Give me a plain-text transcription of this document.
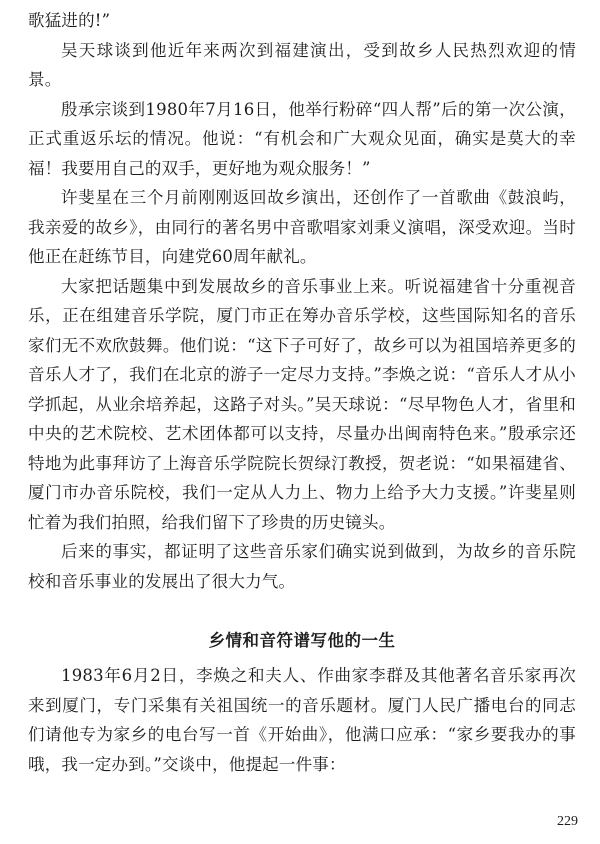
歌猛进的!”

吴天球谈到他近年来两次到福建演出，受到故乡人民热烈欢迎的情景。

殷承宗谈到1980年7月16日，他举行粉碎“四人帮”后的第一次公演，正式重返乐坛的情况。他说：“有机会和广大观众见面，确实是莫大的幸福！我要用自己的双手，更好地为观众服务！”

许斐星在三个月前刚刚返回故乡演出，还创作了一首歌曲《鼓浪屿，我亲爱的故乡》，由同行的著名男中音歌唱家刘秉义演唱，深受欢迎。当时他正在赶练节目，向建党60周年献礼。

大家把话题集中到发展故乡的音乐事业上来。听说福建省十分重视音乐，正在组建音乐学院，厦门市正在筹办音乐学校，这些国际知名的音乐家们无不欢欣鼓舞。他们说：“这下子可好了，故乡可以为祖国培养更多的音乐人才了，我们在北京的游子一定尽力支持。”李焕之说：“音乐人才从小学抓起，从业余培养起，这路子对头。”吴天球说：“尽早物色人才，省里和中央的艺术院校、艺术团体都可以支持，尽量办出闽南特色来。”殷承宗还特地为此事拜访了上海音乐学院院长贺绿汀教授，贺老说：“如果福建省、厦门市办音乐院校，我们一定从人力上、物力上给予大力支援。”许斐星则忙着为我们拍照，给我们留下了珍贵的历史镜头。

后来的事实，都证明了这些音乐家们确实说到做到，为故乡的音乐院校和音乐事业的发展出了很大力气。

乡情和音符谱写他的一生

1983年6月2日，李焕之和夫人、作曲家李群及其他著名音乐家再次来到厦门，专门采集有关祖国统一的音乐题材。厦门人民广播电台的同志们请他专为家乡的电台写一首《开始曲》，他满口应承：“家乡要我办的事哦，我一定办到。”交谈中，他提起一件事：

229
